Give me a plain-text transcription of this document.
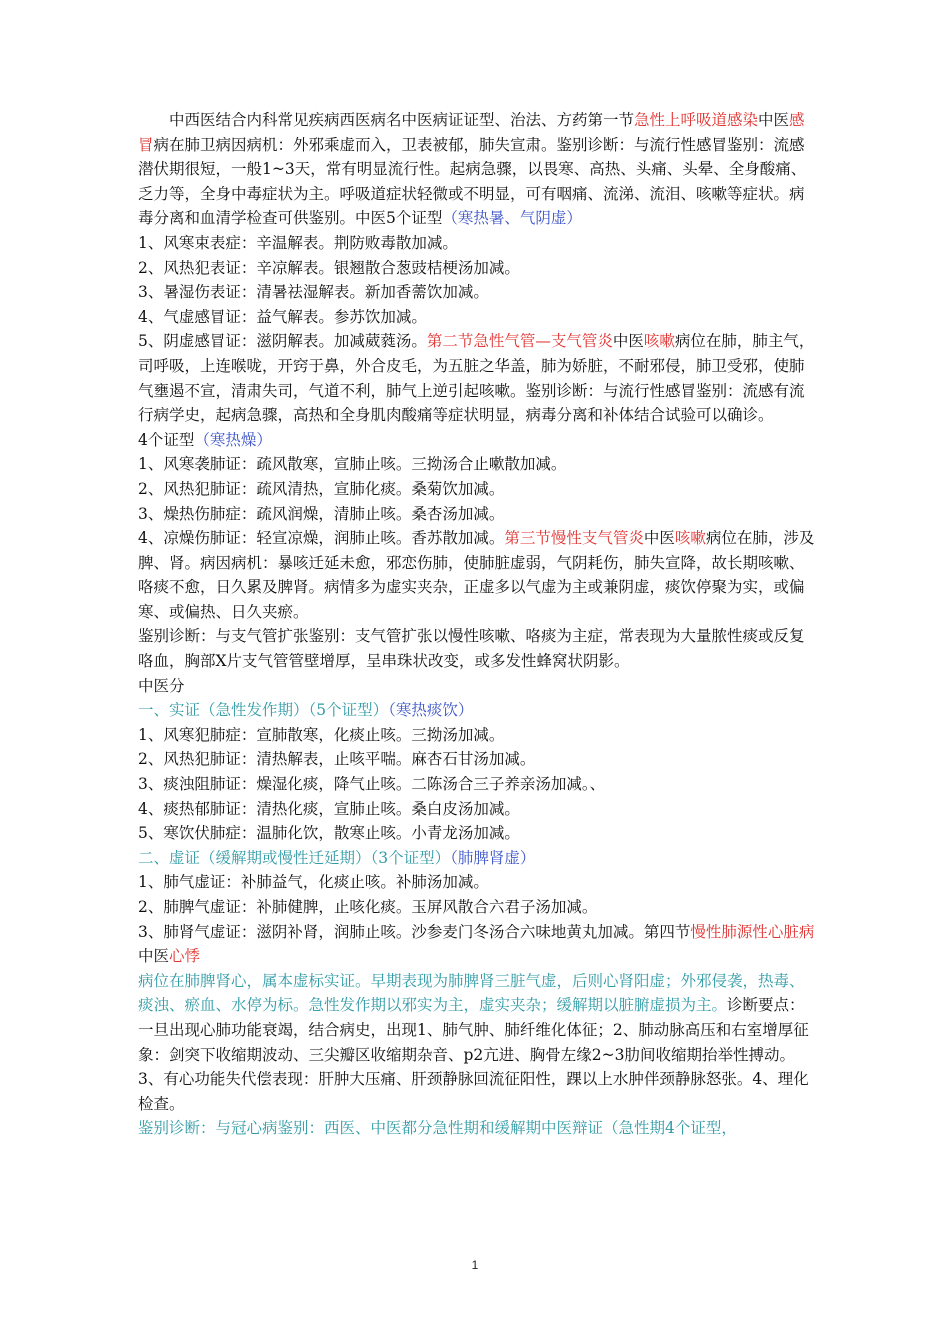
中西医结合内科常见疾病西医病名中医病证证型、治法、方药第一节急性上呼吸道感染中医感冒病在肺卫病因病机：外邪乘虚而入，卫表被郁，肺失宣肃。鉴别诊断：与流行性感冒鉴别：流感潜伏期很短，一般1~3天，常有明显流行性。起病急骤，以畏寒、高热、头痛、头晕、全身酸痛、乏力等，全身中毒症状为主。呼吸道症状轻微或不明显，可有咽痛、流涕、流泪、咳嗽等症状。病毒分离和血清学检查可供鉴别。中医5个证型（寒热暑、气阴虚）

1、风寒束表症：辛温解表。荆防败毒散加减。

2、风热犯表证：辛凉解表。银翘散合葱豉桔梗汤加减。

3、暑湿伤表证：清暑祛湿解表。新加香薷饮加减。

4、气虚感冒证：益气解表。参苏饮加减。

5、阴虚感冒证：滋阴解表。加减葳蕤汤。第二节急性气管—支气管炎中医咳嗽病位在肺，肺主气，司呼吸，上连喉咙，开窍于鼻，外合皮毛，为五脏之华盖，肺为娇脏，不耐邪侵，肺卫受邪，使肺气壅遏不宣，清肃失司，气道不利，肺气上逆引起咳嗽。鉴别诊断：与流行性感冒鉴别：流感有流行病学史，起病急骤，高热和全身肌肉酸痛等症状明显，病毒分离和补体结合试验可以确诊。

4个证型（寒热燥）

1、风寒袭肺证：疏风散寒，宣肺止咳。三拗汤合止嗽散加减。

2、风热犯肺证：疏风清热，宣肺化痰。桑菊饮加减。

3、燥热伤肺症：疏风润燥，清肺止咳。桑杏汤加减。

4、凉燥伤肺证：轻宣凉燥，润肺止咳。香苏散加减。第三节慢性支气管炎中医咳嗽病位在肺，涉及脾、肾。病因病机：暴咳迁延未愈，邪恋伤肺，使肺脏虚弱，气阴耗伤，肺失宣降，故长期咳嗽、咯痰不愈，日久累及脾肾。病情多为虚实夹杂，正虚多以气虚为主或兼阴虚，痰饮停聚为实，或偏寒、或偏热、日久夹瘀。

鉴别诊断：与支气管扩张鉴别：支气管扩张以慢性咳嗽、咯痰为主症，常表现为大量脓性痰或反复咯血，胸部X片支气管管壁增厚，呈串珠状改变，或多发性蜂窝状阴影。

中医分

一、实证（急性发作期）（5个证型）（寒热痰饮）

1、风寒犯肺症：宣肺散寒，化痰止咳。三拗汤加减。

2、风热犯肺证：清热解表，止咳平喘。麻杏石甘汤加减。

3、痰浊阻肺证：燥湿化痰，降气止咳。二陈汤合三子养亲汤加减。、

4、痰热郁肺证：清热化痰，宣肺止咳。桑白皮汤加减。

5、寒饮伏肺症：温肺化饮，散寒止咳。小青龙汤加减。

二、虚证（缓解期或慢性迁延期）（3个证型）（肺脾肾虚）

1、肺气虚证：补肺益气，化痰止咳。补肺汤加减。

2、肺脾气虚证：补肺健脾，止咳化痰。玉屏风散合六君子汤加减。

3、肺肾气虚证：滋阴补肾，润肺止咳。沙参麦门冬汤合六味地黄丸加减。第四节慢性肺源性心脏病中医心悸

病位在肺脾肾心，属本虚标实证。早期表现为肺脾肾三脏气虚，后则心肾阳虚；外邪侵袭，热毒、痰浊、瘀血、水停为标。急性发作期以邪实为主，虚实夹杂；缓解期以脏腑虚损为主。诊断要点：一旦出现心肺功能衰竭，结合病史，出现1、肺气肿、肺纤维化体征；2、肺动脉高压和右室增厚征象：剑突下收缩期波动、三尖瓣区收缩期杂音、p2亢进、胸骨左缘2~3肋间收缩期抬举性搏动。3、有心功能失代偿表现：肝肿大压痛、肝颈静脉回流征阳性，踝以上水肿伴颈静脉怒张。4、理化检查。

鉴别诊断：与冠心病鉴别：西医、中医都分急性期和缓解期中医辩证（急性期4个证型，

1
